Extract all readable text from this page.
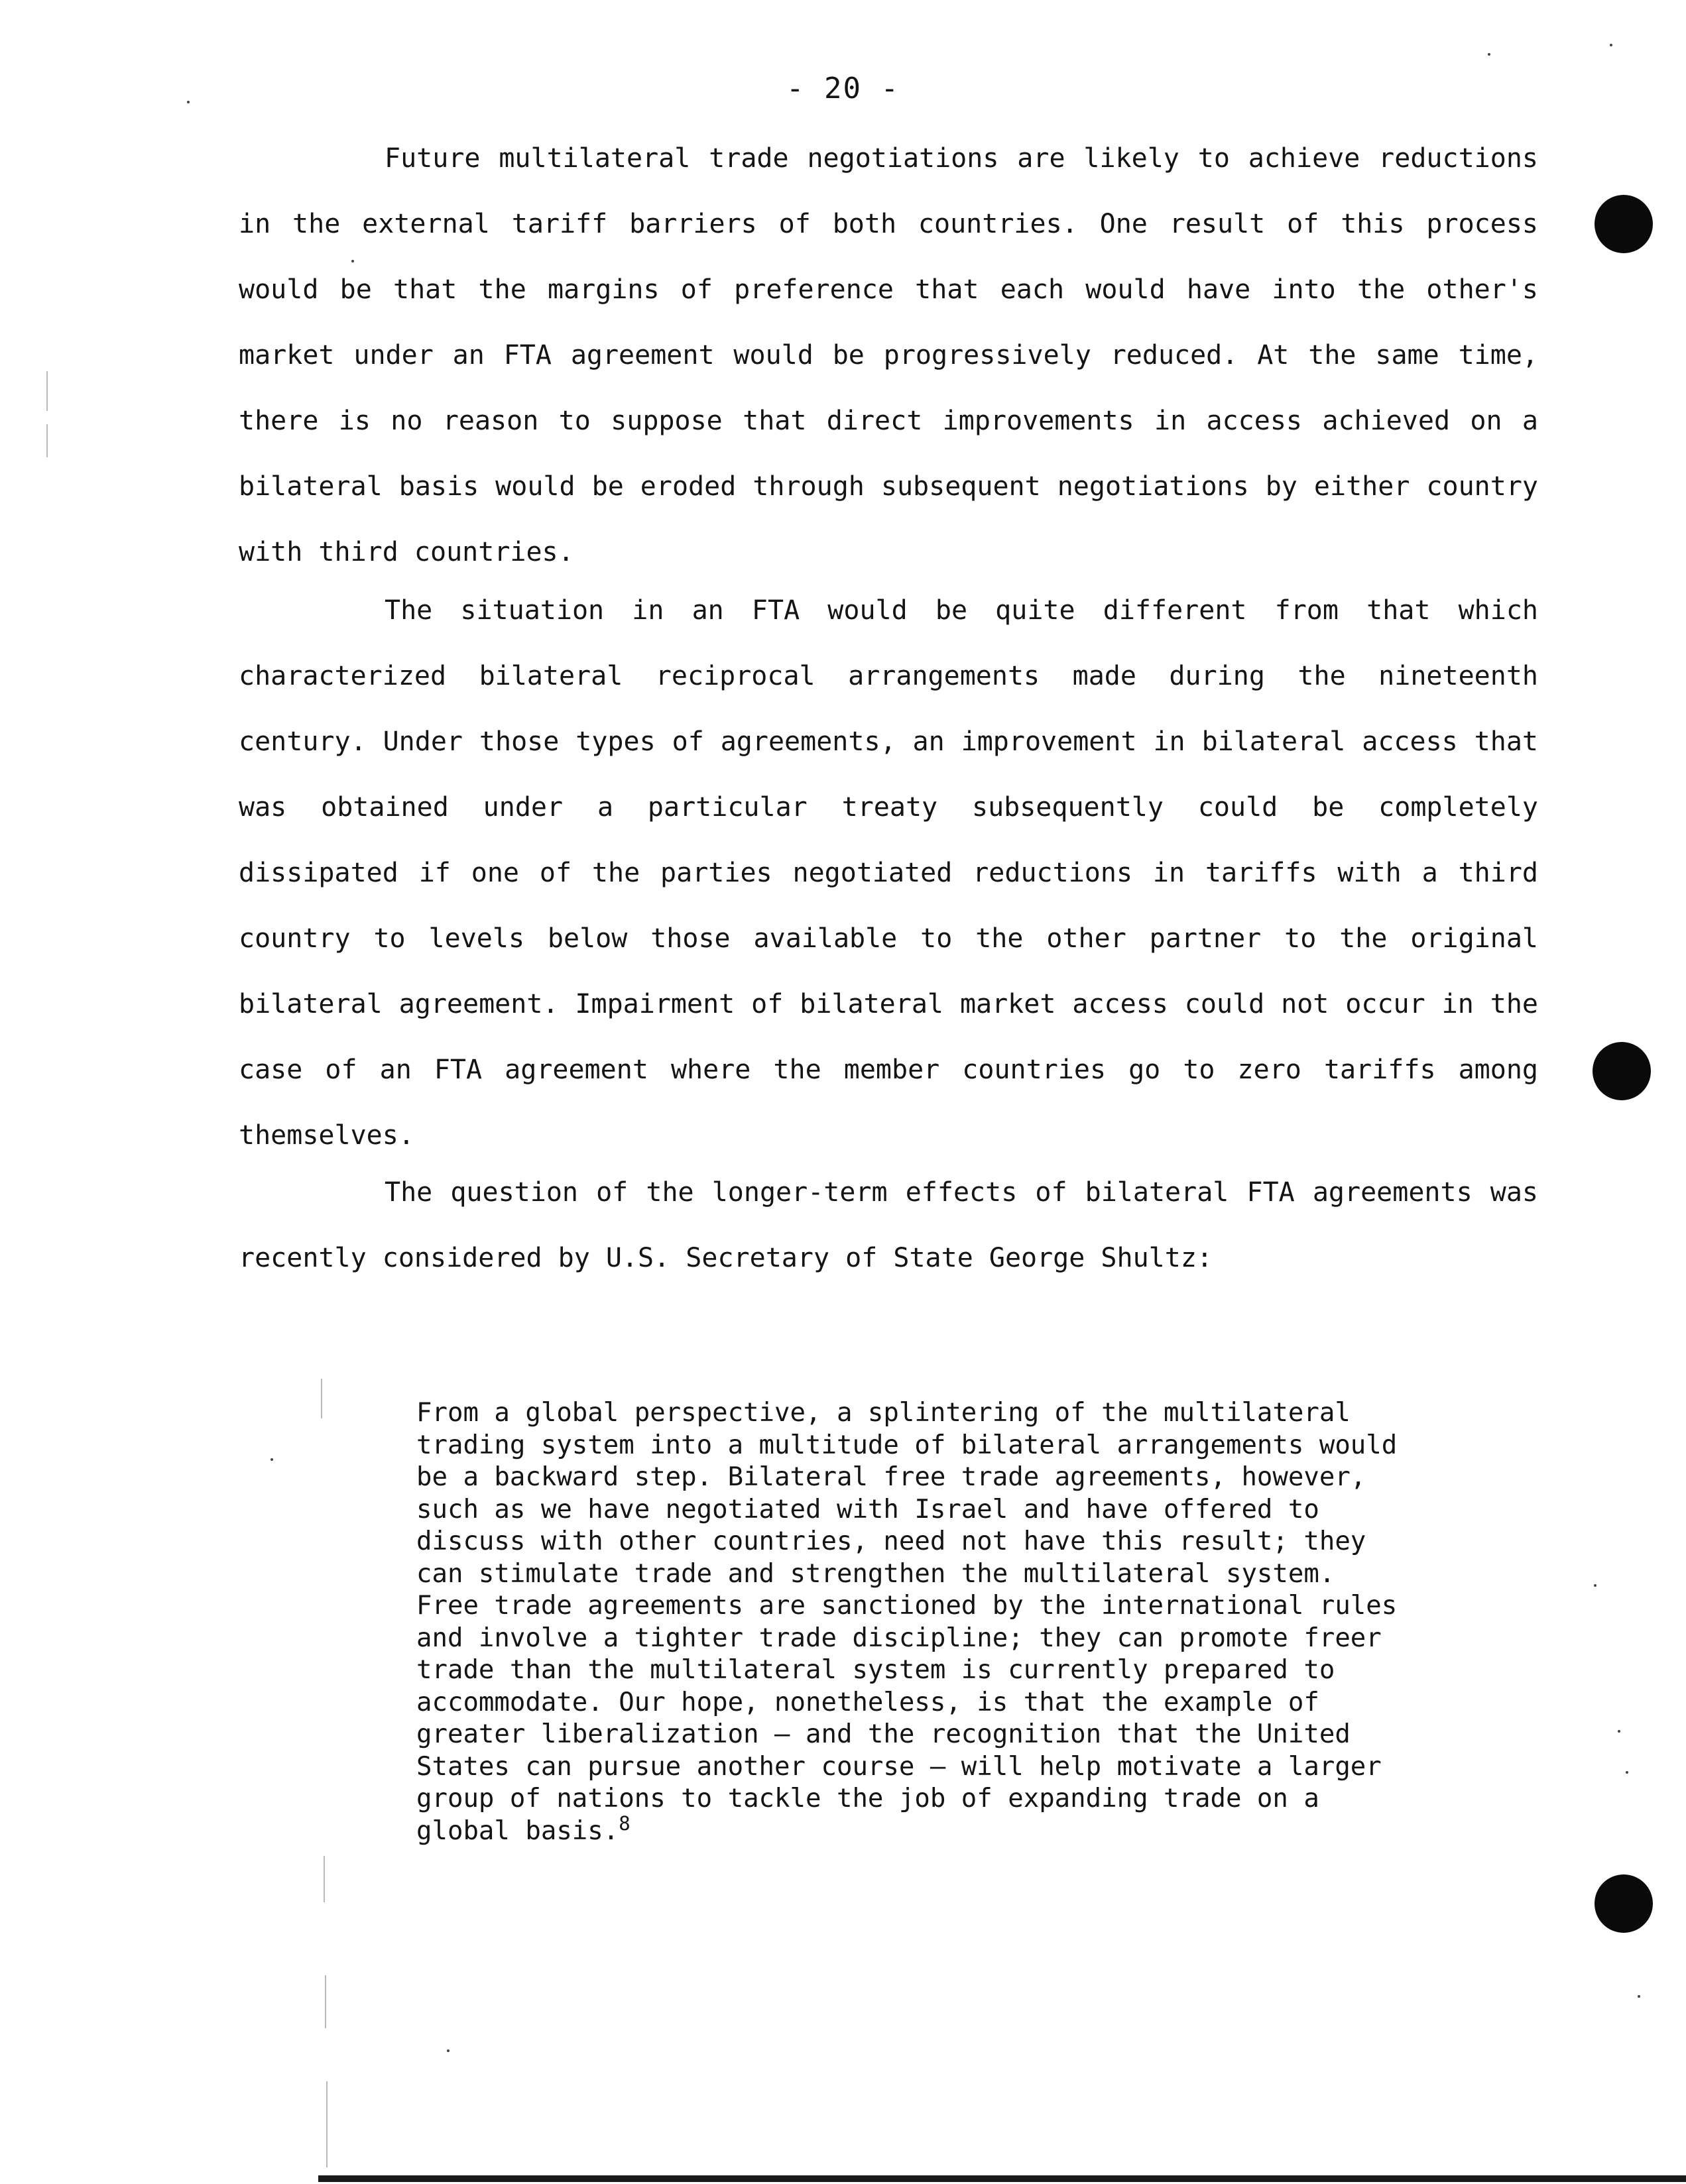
- 20 -

Future multilateral trade negotiations are likely to achieve reductions in the external tariff barriers of both countries. One result of this process would be that the margins of preference that each would have into the other's market under an FTA agreement would be progressively reduced. At the same time, there is no reason to suppose that direct improvements in access achieved on a bilateral basis would be eroded through subsequent negotiations by either country with third countries.

The situation in an FTA would be quite different from that which characterized bilateral reciprocal arrangements made during the nineteenth century. Under those types of agreements, an improvement in bilateral access that was obtained under a particular treaty subsequently could be completely dissipated if one of the parties negotiated reductions in tariffs with a third country to levels below those available to the other partner to the original bilateral agreement. Impairment of bilateral market access could not occur in the case of an FTA agreement where the member countries go to zero tariffs among themselves.

The question of the longer-term effects of bilateral FTA agreements was recently considered by U.S. Secretary of State George Shultz:

From a global perspective, a splintering of the multilateral trading system into a multitude of bilateral arrangements would be a backward step. Bilateral free trade agreements, however, such as we have negotiated with Israel and have offered to discuss with other countries, need not have this result; they can stimulate trade and strengthen the multilateral system. Free trade agreements are sanctioned by the international rules and involve a tighter trade discipline; they can promote freer trade than the multilateral system is currently prepared to accommodate. Our hope, nonetheless, is that the example of greater liberalization — and the recognition that the United States can pursue another course — will help motivate a larger group of nations to tackle the job of expanding trade on a global basis.$^8$
